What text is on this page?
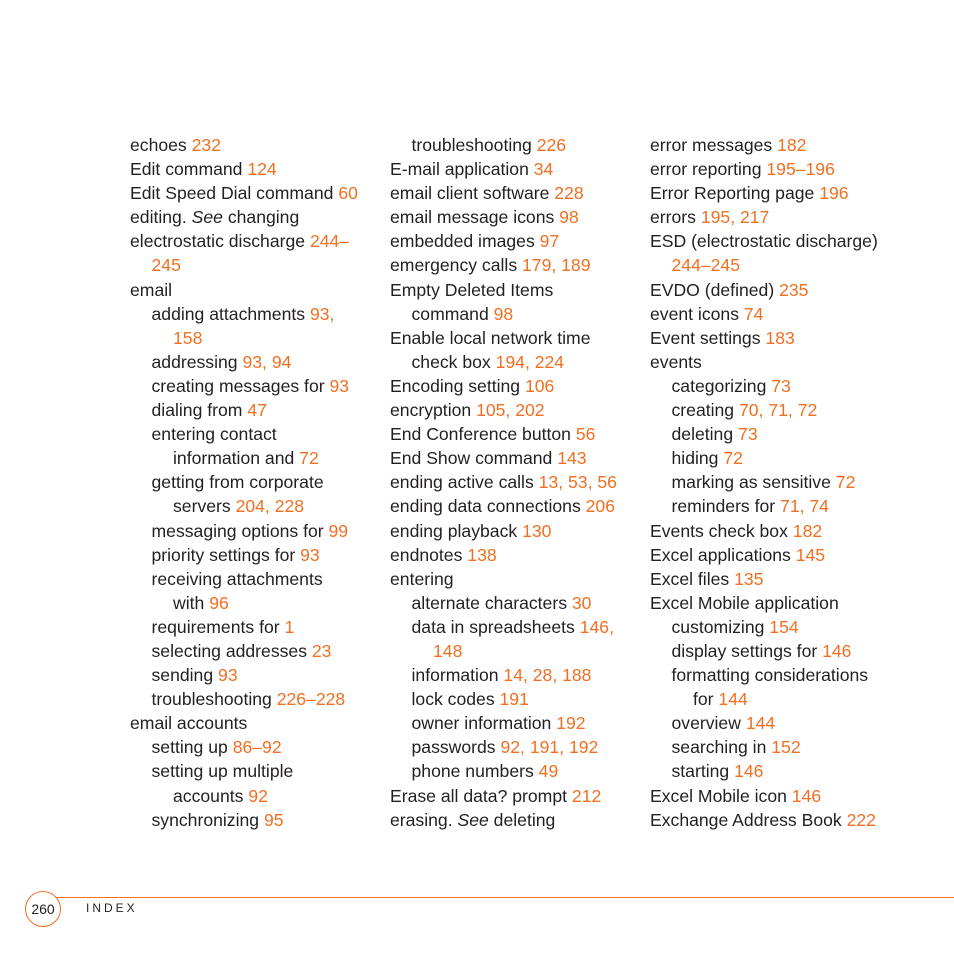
echoes 232
Edit command 124
Edit Speed Dial command 60
editing. See changing
electrostatic discharge 244–
245
email
adding attachments 93,
158
addressing 93, 94
creating messages for 93
dialing from 47
entering contact
information and 72
getting from corporate
servers 204, 228
messaging options for 99
priority settings for 93
receiving attachments
with 96
requirements for 1
selecting addresses 23
sending 93
troubleshooting 226–228
email accounts
setting up 86–92
setting up multiple
accounts 92
synchronizing 95
troubleshooting 226
E-mail application 34
email client software 228
email message icons 98
embedded images 97
emergency calls 179, 189
Empty Deleted Items
command 98
Enable local network time
check box 194, 224
Encoding setting 106
encryption 105, 202
End Conference button 56
End Show command 143
ending active calls 13, 53, 56
ending data connections 206
ending playback 130
endnotes 138
entering
alternate characters 30
data in spreadsheets 146,
148
information 14, 28, 188
lock codes 191
owner information 192
passwords 92, 191, 192
phone numbers 49
Erase all data? prompt 212
erasing. See deleting
error messages 182
error reporting 195–196
Error Reporting page 196
errors 195, 217
ESD (electrostatic discharge)
244–245
EVDO (defined) 235
event icons 74
Event settings 183
events
categorizing 73
creating 70, 71, 72
deleting 73
hiding 72
marking as sensitive 72
reminders for 71, 74
Events check box 182
Excel applications 145
Excel files 135
Excel Mobile application
customizing 154
display settings for 146
formatting considerations
for 144
overview 144
searching in 152
starting 146
Excel Mobile icon 146
Exchange Address Book 222
260	INDEX
